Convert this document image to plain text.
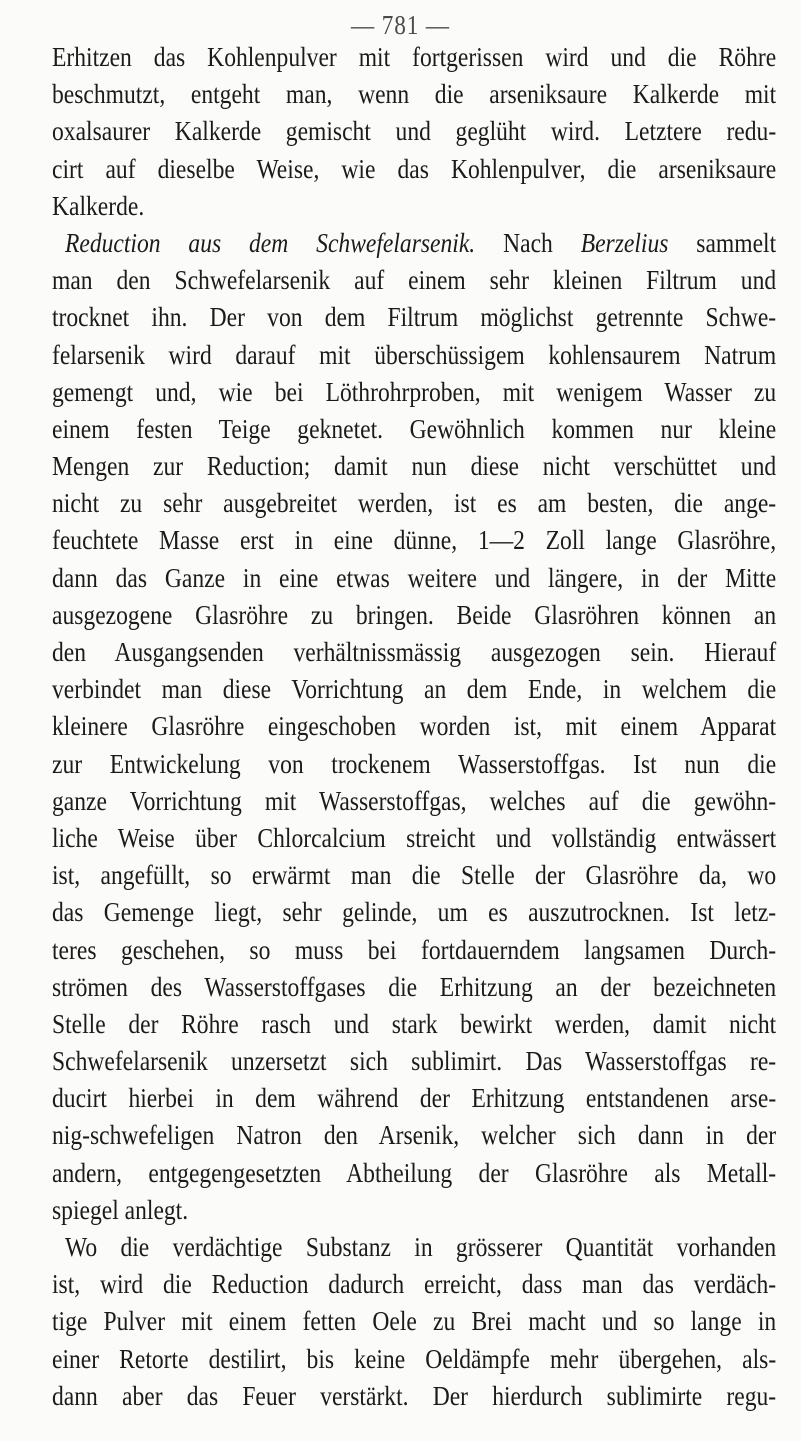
— 781 —
Erhitzen das Kohlenpulver mit fortgerissen wird und die Röhre
beschmutzt, entgeht man, wenn die arseniksaure Kalkerde mit
oxalsaurer Kalkerde gemischt und geglüht wird. Letztere redu-
cirt auf dieselbe Weise, wie das Kohlenpulver, die arseniksaure
Kalkerde.
Reduction aus dem Schwefelarsenik. Nach Berzelius sammelt
man den Schwefelarsenik auf einem sehr kleinen Filtrum und
trocknet ihn. Der von dem Filtrum möglichst getrennte Schwe-
felarsenik wird darauf mit überschüssigem kohlensaurem Natrum
gemengt und, wie bei Löthrohrproben, mit wenigem Wasser zu
einem festen Teige geknetet. Gewöhnlich kommen nur kleine
Mengen zur Reduction; damit nun diese nicht verschüttet und
nicht zu sehr ausgebreitet werden, ist es am besten, die ange-
feuchtete Masse erst in eine dünne, 1—2 Zoll lange Glasröhre,
dann das Ganze in eine etwas weitere und längere, in der Mitte
ausgezogene Glasröhre zu bringen. Beide Glasröhren können an
den Ausgangsenden verhältnissmässig ausgezogen sein. Hierauf
verbindet man diese Vorrichtung an dem Ende, in welchem die
kleinere Glasröhre eingeschoben worden ist, mit einem Apparat
zur Entwickelung von trockenem Wasserstoffgas. Ist nun die
ganze Vorrichtung mit Wasserstoffgas, welches auf die gewöhn-
liche Weise über Chlorcalcium streicht und vollständig entwässert
ist, angefüllt, so erwärmt man die Stelle der Glasröhre da, wo
das Gemenge liegt, sehr gelinde, um es auszutrocknen. Ist letz-
teres geschehen, so muss bei fortdauerndem langsamen Durch-
strömen des Wasserstoffgases die Erhitzung an der bezeichneten
Stelle der Röhre rasch und stark bewirkt werden, damit nicht
Schwefelarsenik unzersetzt sich sublimirt. Das Wasserstoffgas re-
ducirt hierbei in dem während der Erhitzung entstandenen arse-
nig-schwefeligen Natron den Arsenik, welcher sich dann in der
andern, entgegengesetzten Abtheilung der Glasröhre als Metall-
spiegel anlegt.
Wo die verdächtige Substanz in grösserer Quantität vorhanden
ist, wird die Reduction dadurch erreicht, dass man das verdäch-
tige Pulver mit einem fetten Oele zu Brei macht und so lange in
einer Retorte destilirt, bis keine Oeldämpfe mehr übergehen, als-
dann aber das Feuer verstärkt. Der hierdurch sublimirte regu-
